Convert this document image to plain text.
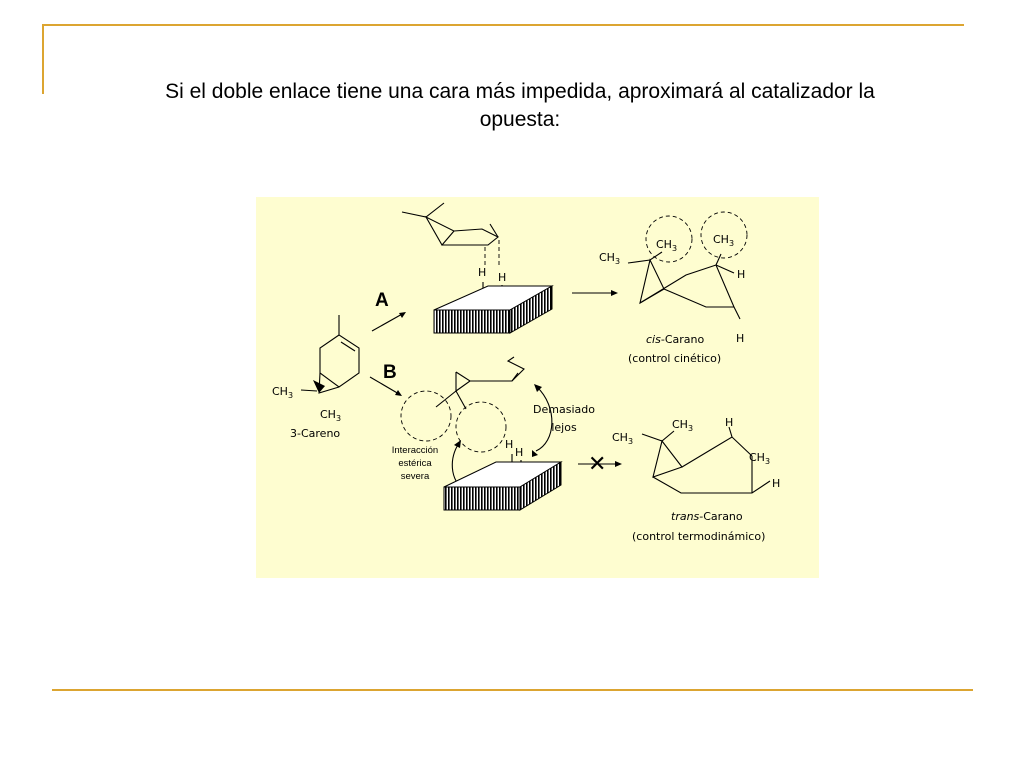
Si el doble enlace tiene una cara más impedida, aproximará al catalizador la opuesta:
$CH_3$
$CH_3$
3-Careno
A
B
H H
$CH_3$
$CH_3$
$CH_3$
H
H
cis-Carano
(control cinético)
H
H
Interacción
estérica
severa
Demasiado
lejos
✕
$CH_3$
$CH_3$
$CH_3$
H
H
trans-Carano
(control termodinámico)
